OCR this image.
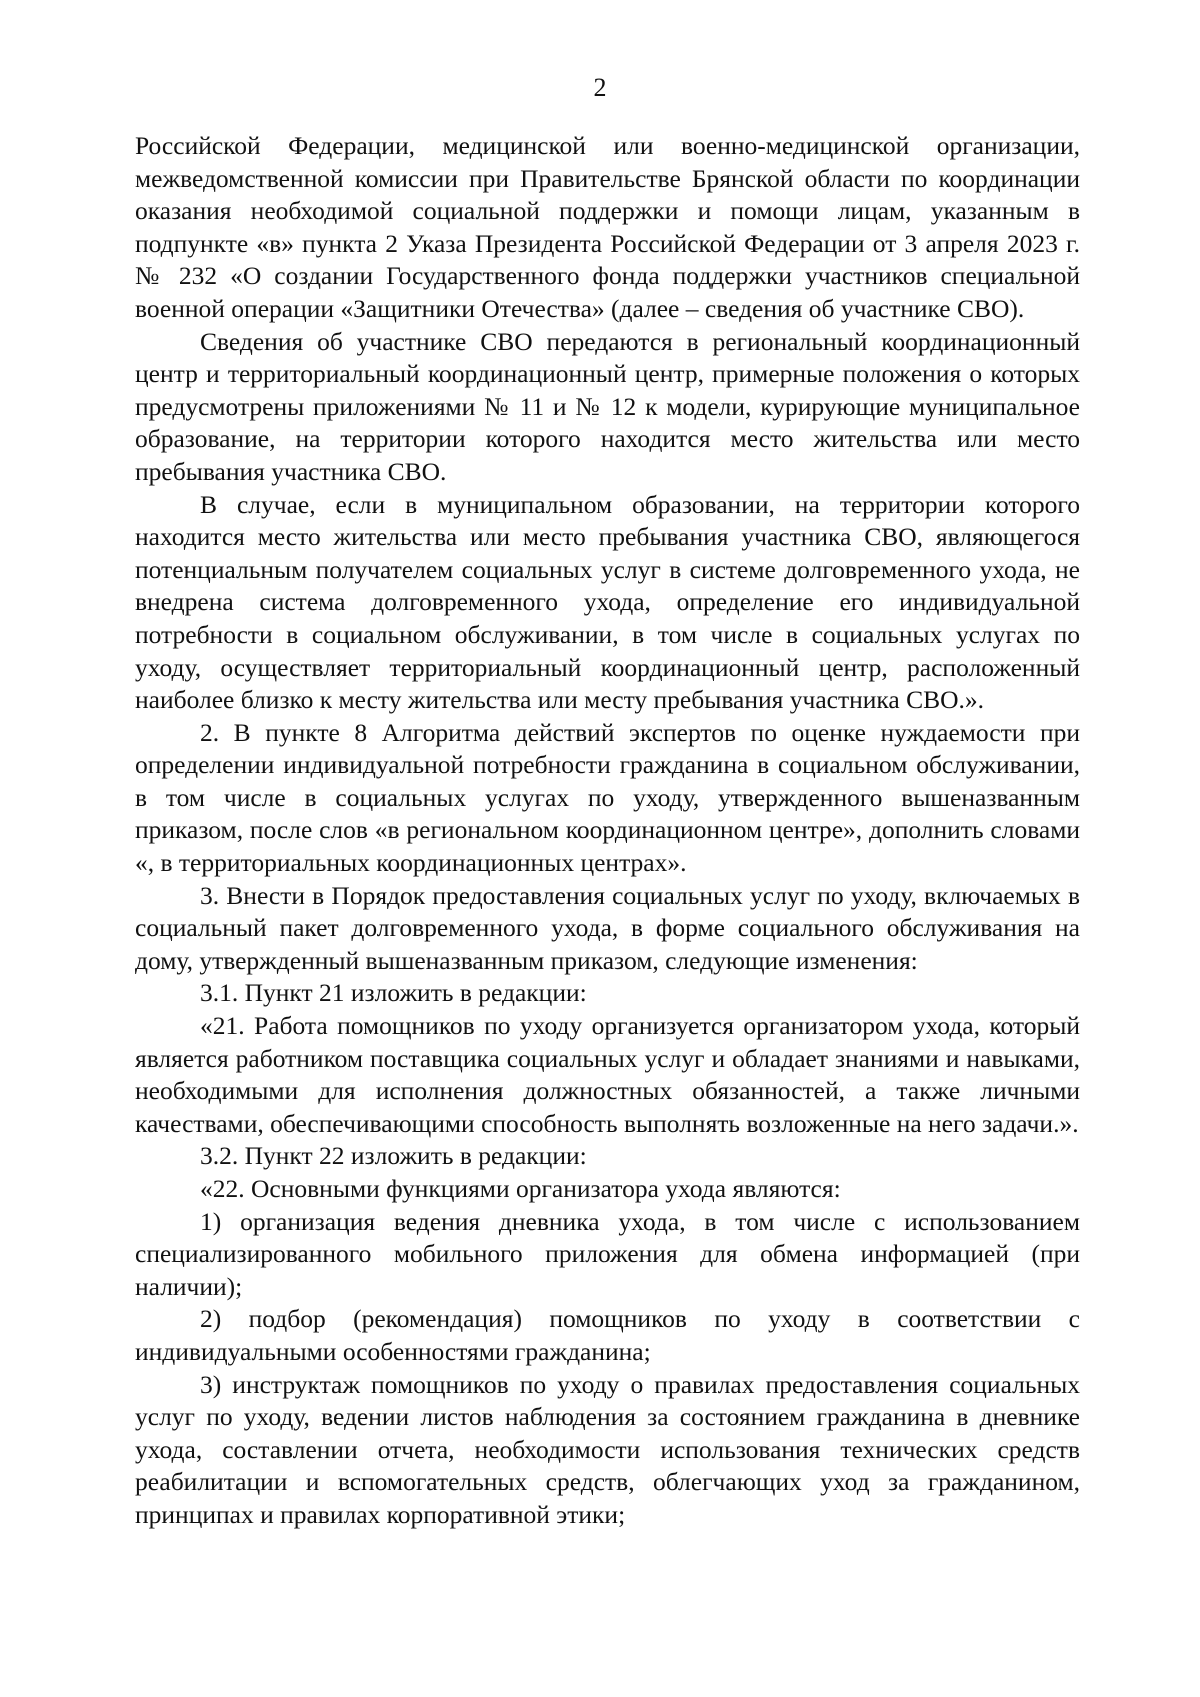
2

Российской Федерации, медицинской или военно-медицинской организации, межведомственной комиссии при Правительстве Брянской области по координации оказания необходимой социальной поддержки и помощи лицам, указанным в подпункте «в» пункта 2 Указа Президента Российской Федерации от 3 апреля 2023 г. № 232 «О создании Государственного фонда поддержки участников специальной военной операции «Защитники Отечества» (далее – сведения об участнике СВО).

Сведения об участнике СВО передаются в региональный координационный центр и территориальный координационный центр, примерные положения о которых предусмотрены приложениями № 11 и № 12 к модели, курирующие муниципальное образование, на территории которого находится место жительства или место пребывания участника СВО.

В случае, если в муниципальном образовании, на территории которого находится место жительства или место пребывания участника СВО, являющегося потенциальным получателем социальных услуг в системе долговременного ухода, не внедрена система долговременного ухода, определение его индивидуальной потребности в социальном обслуживании, в том числе в социальных услугах по уходу, осуществляет территориальный координационный центр, расположенный наиболее близко к месту жительства или месту пребывания участника СВО.».

2. В пункте 8 Алгоритма действий экспертов по оценке нуждаемости при определении индивидуальной потребности гражданина в социальном обслуживании, в том числе в социальных услугах по уходу, утвержденного вышеназванным приказом, после слов «в региональном координационном центре», дополнить словами «, в территориальных координационных центрах».

3. Внести в Порядок предоставления социальных услуг по уходу, включаемых в социальный пакет долговременного ухода, в форме социального обслуживания на дому, утвержденный вышеназванным приказом, следующие изменения:

3.1. Пункт 21 изложить в редакции:

«21. Работа помощников по уходу организуется организатором ухода, который является работником поставщика социальных услуг и обладает знаниями и навыками, необходимыми для исполнения должностных обязанностей, а также личными качествами, обеспечивающими способность выполнять возложенные на него задачи.».

3.2. Пункт 22 изложить в редакции:

«22. Основными функциями организатора ухода являются:

1) организация ведения дневника ухода, в том числе с использованием специализированного мобильного приложения для обмена информацией (при наличии);

2) подбор (рекомендация) помощников по уходу в соответствии с индивидуальными особенностями гражданина;

3) инструктаж помощников по уходу о правилах предоставления социальных услуг по уходу, ведении листов наблюдения за состоянием гражданина в дневнике ухода, составлении отчета, необходимости использования технических средств реабилитации и вспомогательных средств, облегчающих уход за гражданином, принципах и правилах корпоративной этики;
